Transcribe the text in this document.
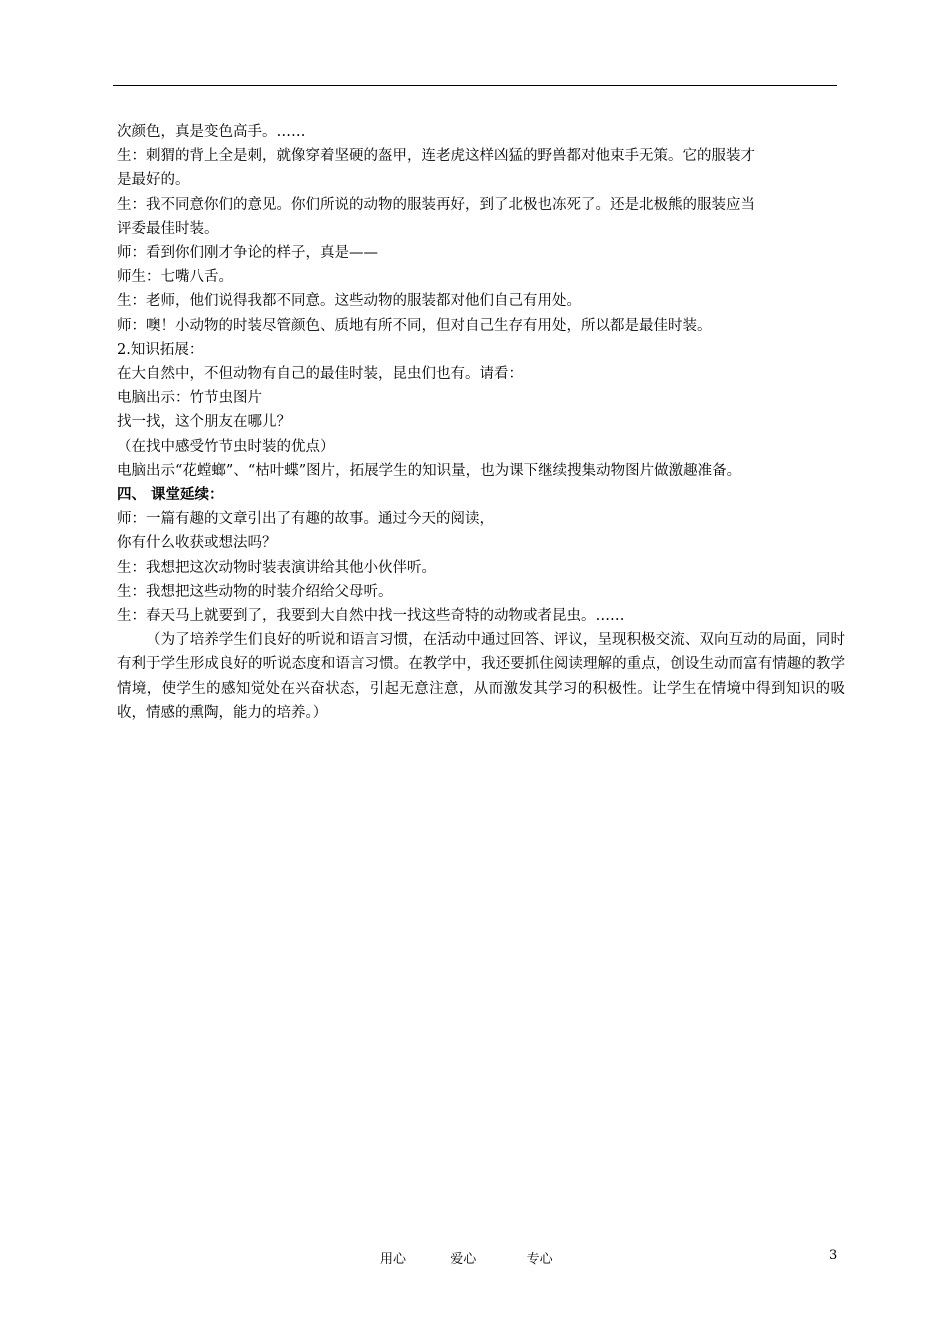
次颜色，真是变色高手。……
生：刺猬的背上全是刺，就像穿着坚硬的盔甲，连老虎这样凶猛的野兽都对他束手无策。它的服装才
是最好的。
生：我不同意你们的意见。你们所说的动物的服装再好，到了北极也冻死了。还是北极熊的服装应当
评委最佳时装。
师：看到你们刚才争论的样子，真是——
师生：七嘴八舌。
生：老师，他们说得我都不同意。这些动物的服装都对他们自己有用处。
师：噢！小动物的时装尽管颜色、质地有所不同，但对自己生存有用处，所以都是最佳时装。
2.知识拓展：
在大自然中，不但动物有自己的最佳时装，昆虫们也有。请看：
电脑出示：竹节虫图片
找一找，这个朋友在哪儿？
（在找中感受竹节虫时装的优点）
电脑出示“花螳螂”、“枯叶蝶”图片，拓展学生的知识量，也为课下继续搜集动物图片做激趣准备。
四、 课堂延续：
师：一篇有趣的文章引出了有趣的故事。通过今天的阅读，
你有什么收获或想法吗？
生：我想把这次动物时装表演讲给其他小伙伴听。
生：我想把这些动物的时装介绍给父母听。
生：春天马上就要到了，我要到大自然中找一找这些奇特的动物或者昆虫。……
（为了培养学生们良好的听说和语言习惯，在活动中通过回答、评议，呈现积极交流、双向互动的局面，同时有利于学生形成良好的听说态度和语言习惯。在教学中，我还要抓住阅读理解的重点，创设生动而富有情趣的教学情境，使学生的感知觉处在兴奋状态，引起无意注意，从而激发其学习的积极性。让学生在情境中得到知识的吸收，情感的熏陶，能力的培养。）
用心	爱心	专心	3
